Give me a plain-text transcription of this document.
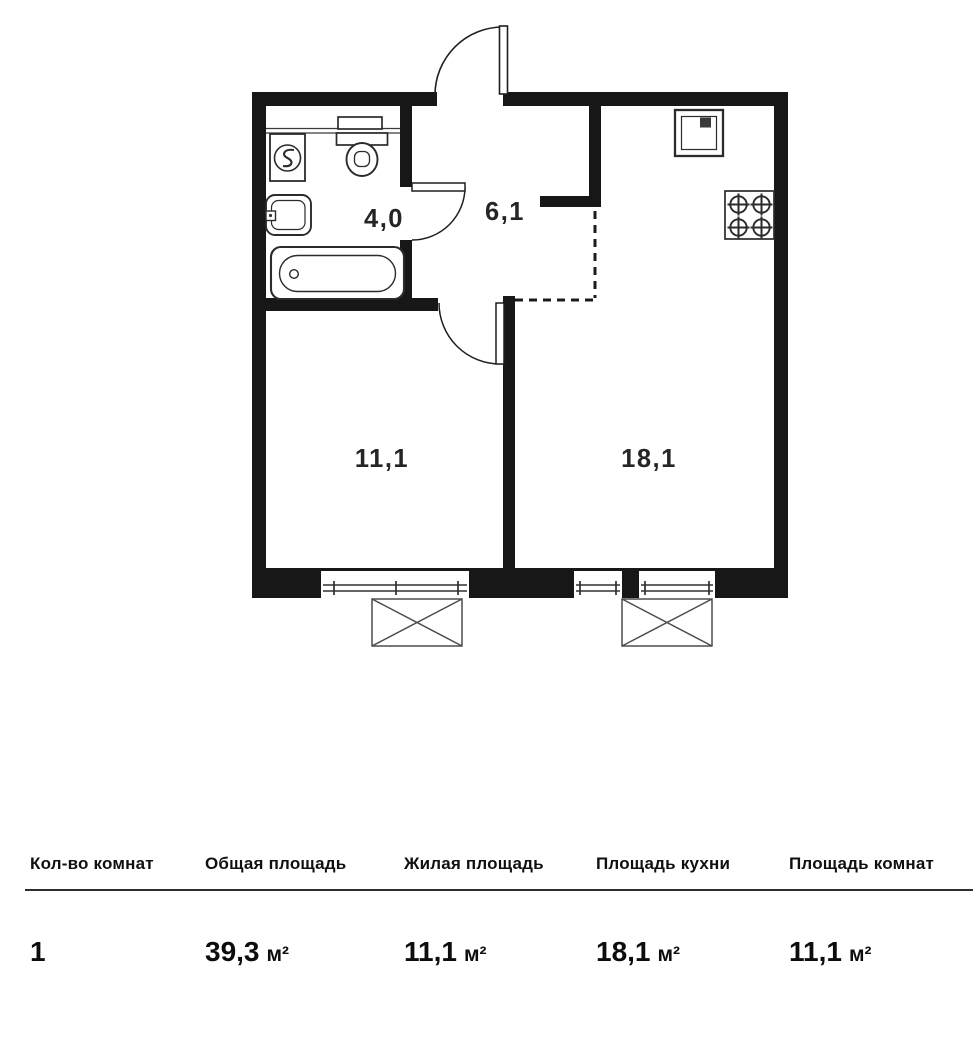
4,0	6,1
11,1	18,1
Кол-во комнат	Общая площадь	Жилая площадь	Площадь кухни	Площадь комнат
1	39,3 м²	11,1 м²	18,1 м²	11,1 м²
